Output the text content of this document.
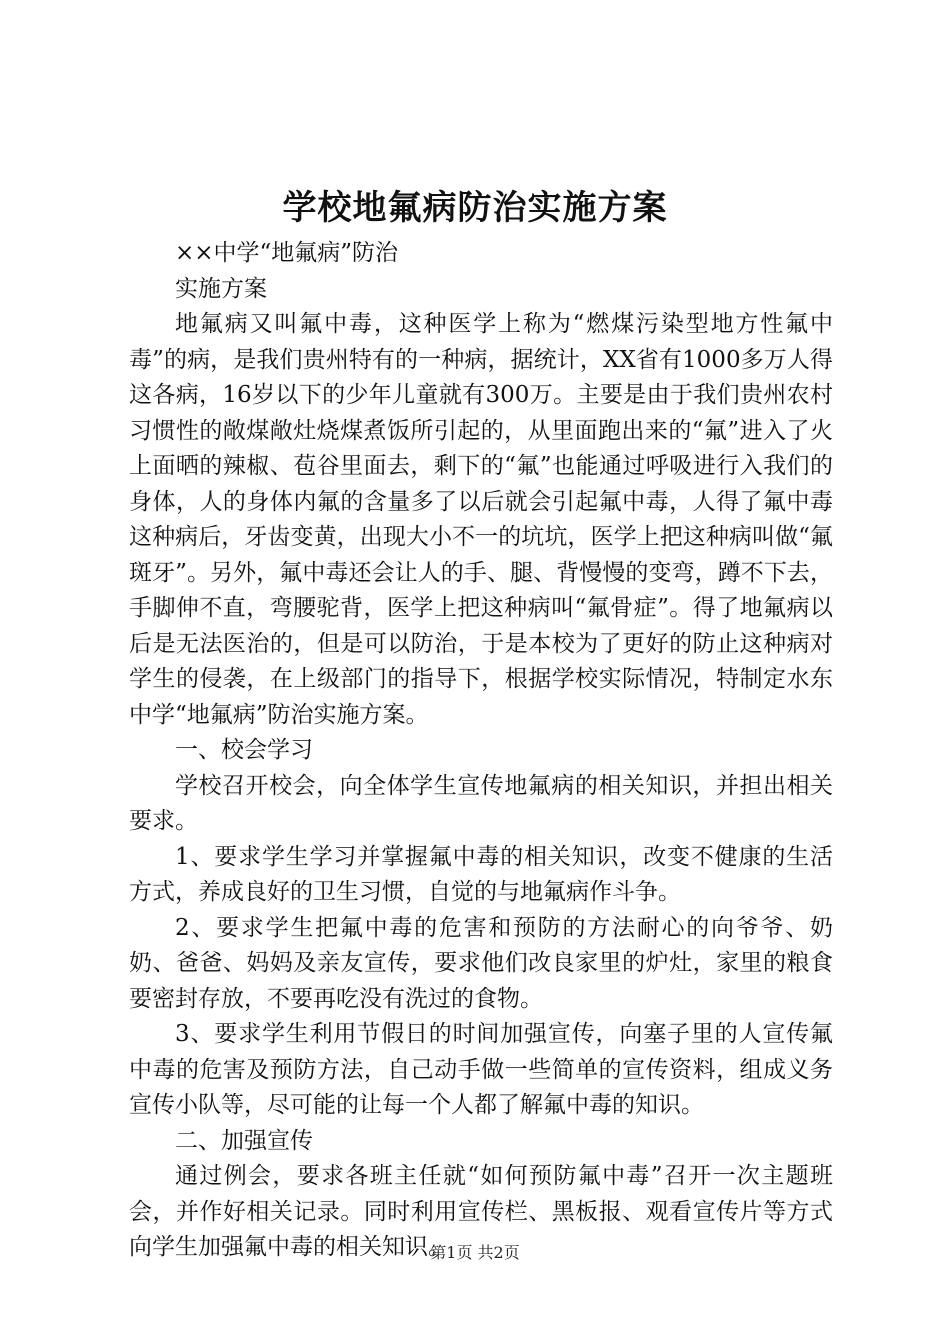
学校地氟病防治实施方案

××中学“地氟病”防治

实施方案

地氟病又叫氟中毒，这种医学上称为“燃煤污染型地方性氟中毒”的病，是我们贵州特有的一种病，据统计，XX省有1000多万人得这各病，16岁以下的少年儿童就有300万。主要是由于我们贵州农村习惯性的敞煤敞灶烧煤煮饭所引起的，从里面跑出来的“氟”进入了火上面晒的辣椒、苞谷里面去，剩下的“氟”也能通过呼吸进行入我们的身体，人的身体内氟的含量多了以后就会引起氟中毒，人得了氟中毒这种病后，牙齿变黄，出现大小不一的坑坑，医学上把这种病叫做“氟斑牙”。另外，氟中毒还会让人的手、腿、背慢慢的变弯，蹲不下去，手脚伸不直，弯腰驼背，医学上把这种病叫“氟骨症”。得了地氟病以后是无法医治的，但是可以防治，于是本校为了更好的防止这种病对学生的侵袭，在上级部门的指导下，根据学校实际情况，特制定水东中学“地氟病”防治实施方案。

一、校会学习

学校召开校会，向全体学生宣传地氟病的相关知识，并担出相关要求。

1、要求学生学习并掌握氟中毒的相关知识，改变不健康的生活方式，养成良好的卫生习惯，自觉的与地氟病作斗争。

2、要求学生把氟中毒的危害和预防的方法耐心的向爷爷、奶奶、爸爸、妈妈及亲友宣传，要求他们改良家里的炉灶，家里的粮食要密封存放，不要再吃没有洗过的食物。

3、要求学生利用节假日的时间加强宣传，向塞子里的人宣传氟中毒的危害及预防方法，自己动手做一些简单的宣传资料，组成义务宣传小队等，尽可能的让每一个人都了解氟中毒的知识。

二、加强宣传

通过例会，要求各班主任就“如何预防氟中毒”召开一次主题班会，并作好相关记录。同时利用宣传栏、黑板报、观看宣传片等方式向学生加强氟中毒的相关知识。

第1页 共2页
